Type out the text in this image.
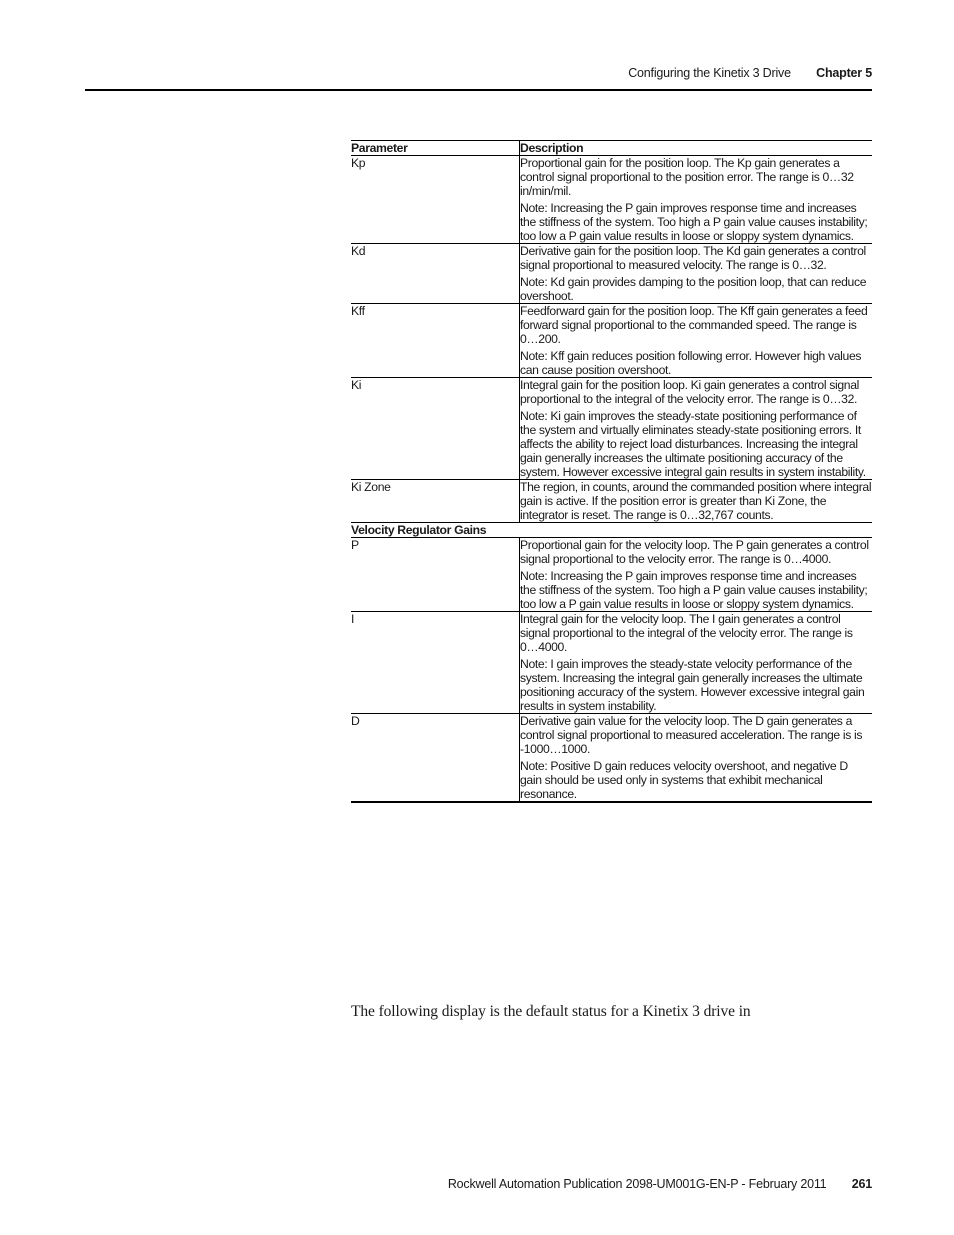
Configuring the Kinetix 3 Drive Chapter 5
Parameter	Description
Kp	Proportional gain for the position loop. The Kp gain generates a control signal proportional to the position error. The range is 0…32 in/min/mil.

Note: Increasing the P gain improves response time and increases the stiffness of the system. Too high a P gain value causes instability; too low a P gain value results in loose or sloppy system dynamics.

Kd	Derivative gain for the position loop. The Kd gain generates a control signal proportional to measured velocity. The range is 0…32.

Note: Kd gain provides damping to the position loop, that can reduce overshoot.

Kff	Feedforward gain for the position loop. The Kff gain generates a feed forward signal proportional to the commanded speed. The range is 0…200.

Note: Kff gain reduces position following error. However high values can cause position overshoot.

Ki	Integral gain for the position loop. Ki gain generates a control signal proportional to the integral of the velocity error. The range is 0…32.

Note: Ki gain improves the steady-state positioning performance of the system and virtually eliminates steady-state positioning errors. It affects the ability to reject load disturbances. Increasing the integral gain generally increases the ultimate positioning accuracy of the system. However excessive integral gain results in system instability.

Ki Zone	The region, in counts, around the commanded position where integral gain is active. If the position error is greater than Ki Zone, the integrator is reset. The range is 0…32,767 counts.

Velocity Regulator Gains	
P	Proportional gain for the velocity loop. The P gain generates a control signal proportional to the velocity error. The range is 0…4000.

Note: Increasing the P gain improves response time and increases the stiffness of the system. Too high a P gain value causes instability; too low a P gain value results in loose or sloppy system dynamics.

I	Integral gain for the velocity loop. The I gain generates a control signal proportional to the integral of the velocity error. The range is 0…4000.

Note: I gain improves the steady-state velocity performance of the system. Increasing the integral gain generally increases the ultimate positioning accuracy of the system. However excessive integral gain results in system instability.

D	Derivative gain value for the velocity loop. The D gain generates a control signal proportional to measured acceleration. The range is is -1000…1000.

Note: Positive D gain reduces velocity overshoot, and negative D gain should be used only in systems that exhibit mechanical resonance.

The following display is the default status for a Kinetix 3 drive in
Rockwell Automation Publication 2098-UM001G-EN-P - February 2011 261
